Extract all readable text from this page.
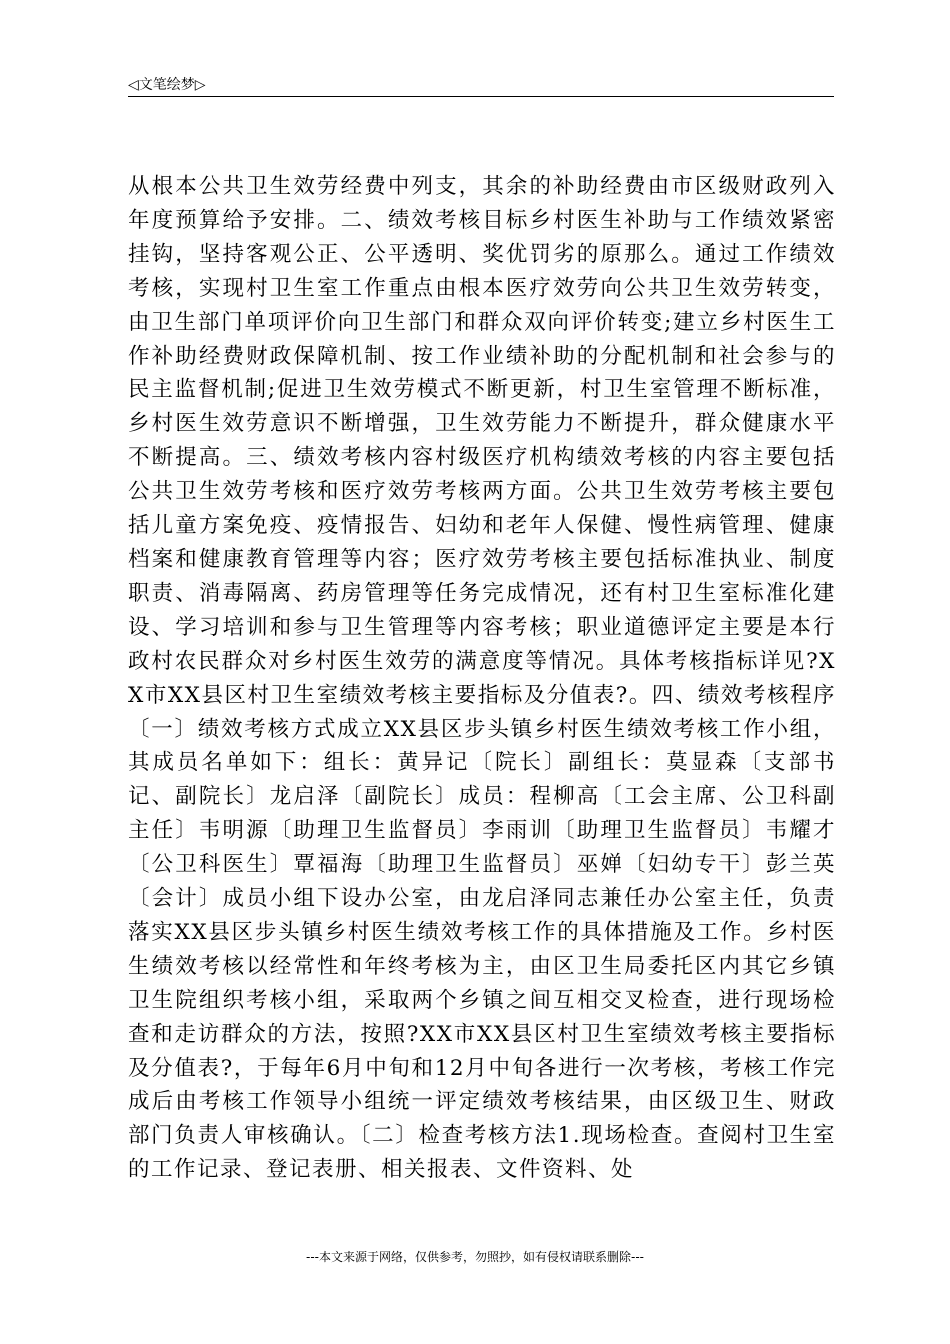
◁文笔绘梦▷

从根本公共卫生效劳经费中列支，其余的补助经费由市区级财政列入年度预算给予安排。二、绩效考核目标乡村医生补助与工作绩效紧密挂钩，坚持客观公正、公平透明、奖优罚劣的原那么。通过工作绩效考核，实现村卫生室工作重点由根本医疗效劳向公共卫生效劳转变，由卫生部门单项评价向卫生部门和群众双向评价转变;建立乡村医生工作补助经费财政保障机制、按工作业绩补助的分配机制和社会参与的民主监督机制;促进卫生效劳模式不断更新，村卫生室管理不断标准，乡村医生效劳意识不断增强，卫生效劳能力不断提升，群众健康水平不断提高。三、绩效考核内容村级医疗机构绩效考核的内容主要包括公共卫生效劳考核和医疗效劳考核两方面。公共卫生效劳考核主要包括儿童方案免疫、疫情报告、妇幼和老年人保健、慢性病管理、健康档案和健康教育管理等内容；医疗效劳考核主要包括标准执业、制度职责、消毒隔离、药房管理等任务完成情况，还有村卫生室标准化建设、学习培训和参与卫生管理等内容考核；职业道德评定主要是本行政村农民群众对乡村医生效劳的满意度等情况。具体考核指标详见?XX市XX县区村卫生室绩效考核主要指标及分值表?。四、绩效考核程序〔一〕绩效考核方式成立XX县区步头镇乡村医生绩效考核工作小组，其成员名单如下：组长：黄异记〔院长〕副组长：莫显森〔支部书记、副院长〕龙启泽〔副院长〕成员：程柳高〔工会主席、公卫科副主任〕韦明源〔助理卫生监督员〕李雨训〔助理卫生监督员〕韦耀才〔公卫科医生〕覃福海〔助理卫生监督员〕巫婵〔妇幼专干〕彭兰英〔会计〕成员小组下设办公室，由龙启泽同志兼任办公室主任，负责落实XX县区步头镇乡村医生绩效考核工作的具体措施及工作。乡村医生绩效考核以经常性和年终考核为主，由区卫生局委托区内其它乡镇卫生院组织考核小组，采取两个乡镇之间互相交叉检查，进行现场检查和走访群众的方法，按照?XX市XX县区村卫生室绩效考核主要指标及分值表?，于每年6月中旬和12月中旬各进行一次考核，考核工作完成后由考核工作领导小组统一评定绩效考核结果，由区级卫生、财政部门负责人审核确认。〔二〕检查考核方法1.现场检查。查阅村卫生室的工作记录、登记表册、相关报表、文件资料、处

---本文来源于网络，仅供参考，勿照抄，如有侵权请联系删除---
